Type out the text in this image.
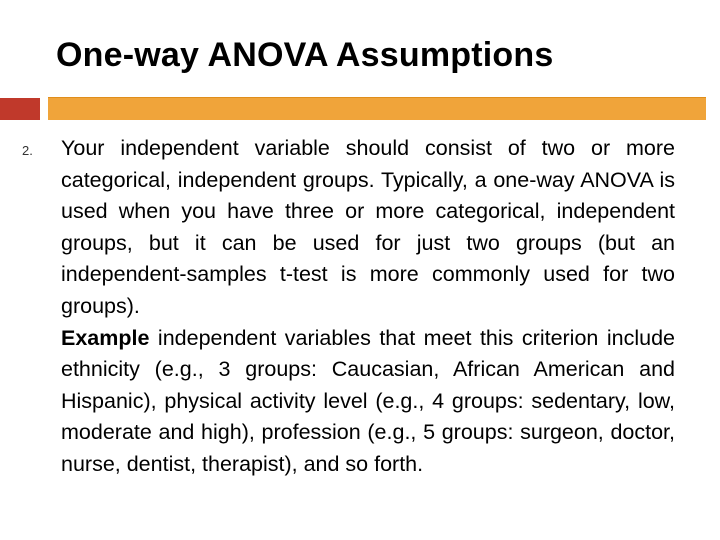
One-way ANOVA Assumptions
2. Your independent variable should consist of two or more categorical, independent groups. Typically, a one-way ANOVA is used when you have three or more categorical, independent groups, but it can be used for just two groups (but an independent-samples t-test is more commonly used for two groups).

Example independent variables that meet this criterion include ethnicity (e.g., 3 groups: Caucasian, African American and Hispanic), physical activity level (e.g., 4 groups: sedentary, low, moderate and high), profession (e.g., 5 groups: surgeon, doctor, nurse, dentist, therapist), and so forth.
